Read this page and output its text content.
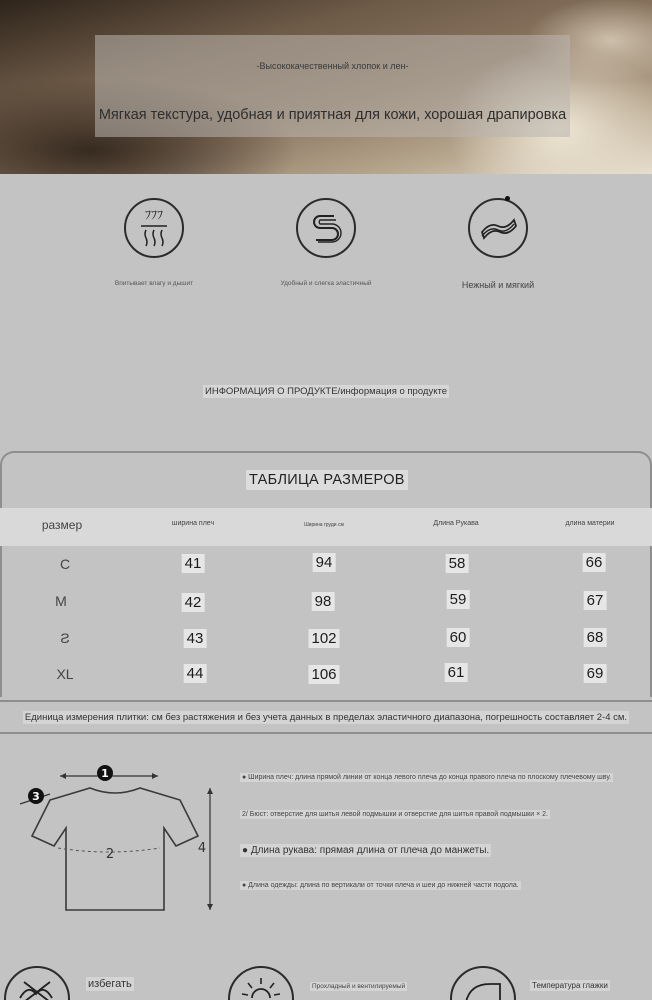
-Высококачественный хлопок и лен-
Мягкая текстура, удобная и приятная для кожи, хорошая драпировка
ﾌﾌﾌ
Впитывает влагу и дышит	Удобный и слегка эластичный	Нежный и мягкий
ИНФОРМАЦИЯ О ПРОДУКТЕ/информация о продукте
ТАБЛИЦА РАЗМЕРОВ
размер	ширина плеч	Ширина груди см	Длина Рукава	длина материи
С	41	94	58	66
М	42	98	59	67
Ƨ	43	102	60	68
XL	44	106	61	69
Единица измерения плитки: см без растяжения и без учета данных в пределах эластичного диапазона, погрешность составляет 2-4 см.
1
2
3
4
● Ширина плеч: длина прямой линии от конца левого плеча до конца правого плеча по плоскому плечевому шву.
2/ Бюст: отверстие для шитья левой подмышки и отверстие для шитья правой подмышки × 2.
● Длина рукава: прямая длина от плеча до манжеты.
● Длина одежды: длина по вертикали от точки плеча и шеи до нижней части подола.
избегать	Прохладный и вентилируемый	Температура глажки
